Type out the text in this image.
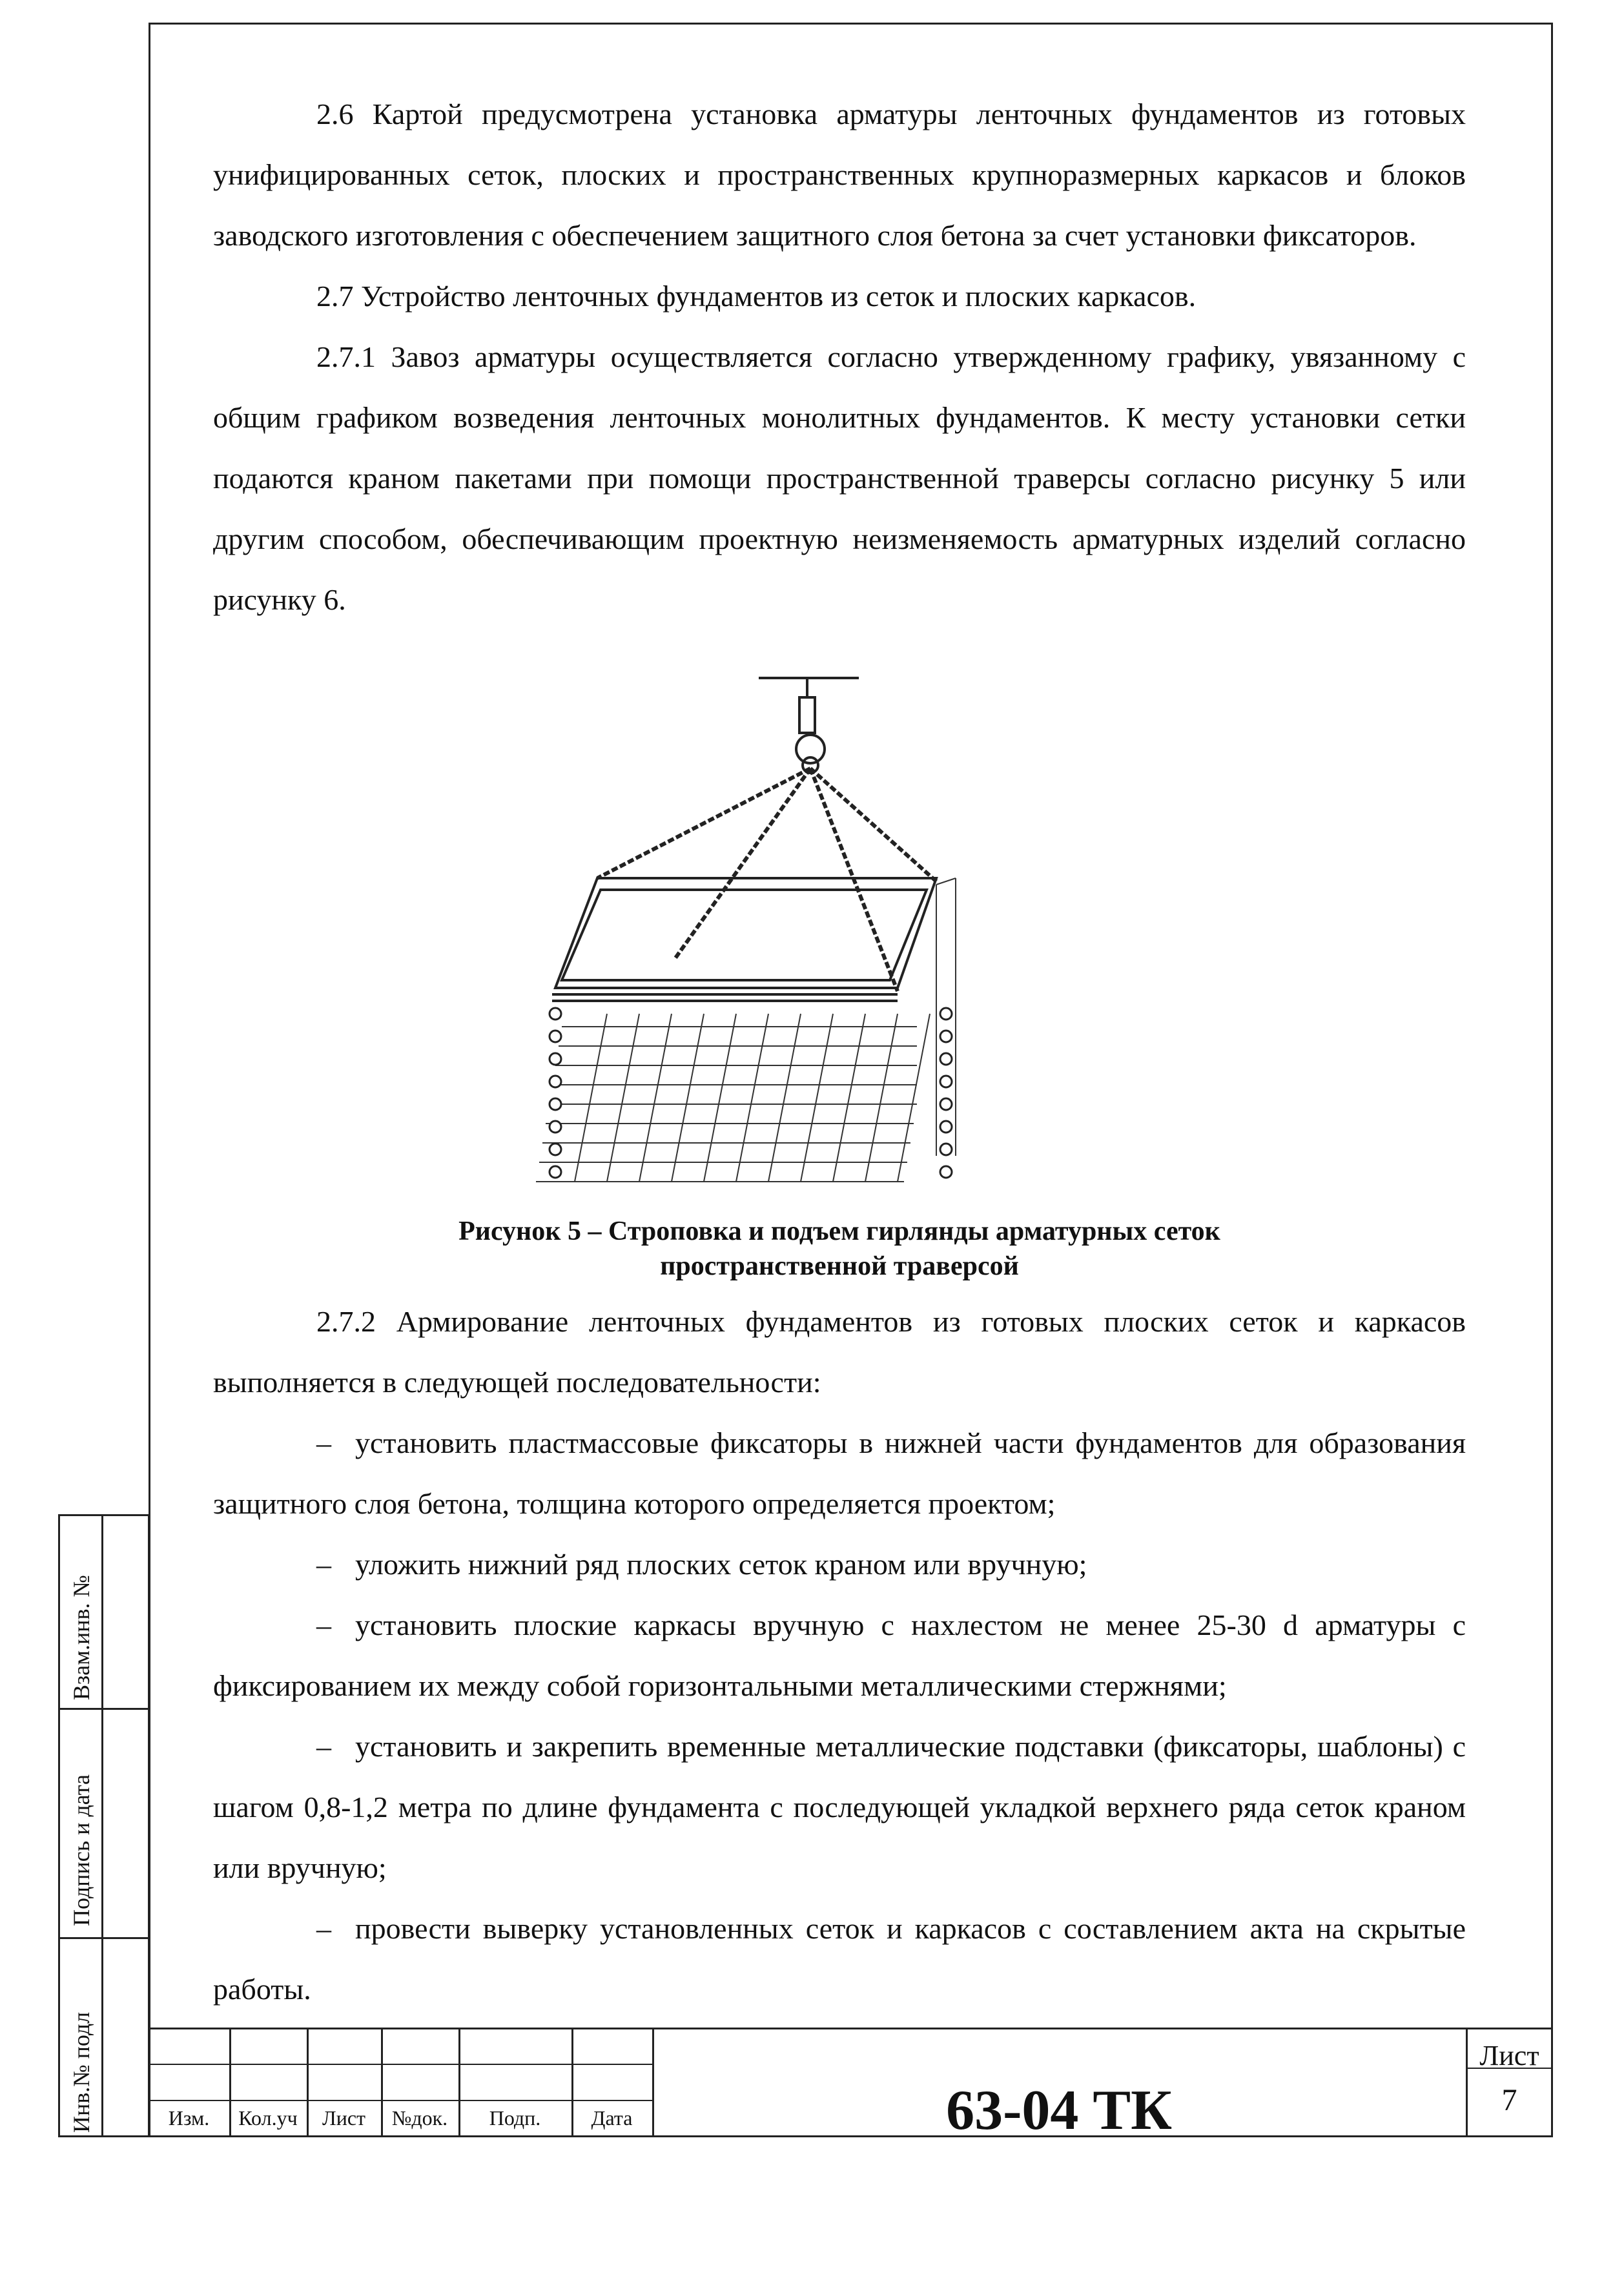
2.6 Картой предусмотрена установка арматуры ленточных фундаментов из готовых унифицированных сеток, плоских и пространственных крупноразмерных каркасов и блоков заводского изготовления с обеспечением защитного слоя бетона за счет установки фиксаторов.

2.7 Устройство ленточных фундаментов из сеток и плоских каркасов.

2.7.1 Завоз арматуры осуществляется согласно утвержденному графику, увязанному с общим графиком возведения ленточных монолитных фундаментов. К месту установки сетки подаются краном пакетами при помощи пространственной траверсы согласно рисунку 5 или другим способом, обеспечивающим проектную неизменяемость арматурных изделий согласно рисунку 6.

Рисунок 5 – Строповка и подъем гирлянды арматурных сеток
пространственной траверсой

2.7.2 Армирование ленточных фундаментов из готовых плоских сеток и каркасов выполняется в следующей последовательности:

– установить пластмассовые фиксаторы в нижней части фундаментов для образования защитного слоя бетона, толщина которого определяется проектом;

– уложить нижний ряд плоских сеток краном или вручную;

– установить плоские каркасы вручную с нахлестом не менее 25-30 d арматуры с фиксированием их между собой горизонтальными металлическими стержнями;

– установить и закрепить временные металлические подставки (фиксаторы, шаблоны) с шагом 0,8-1,2 метра по длине фундамента с последующей укладкой верхнего ряда сеток краном или вручную;

– провести выверку установленных сеток и каркасов с составлением акта на скрытые работы.

Инв.№ подл
Подпись и дата
Взам.инв. №
Изм.	Кол.уч	Лист	№док.	Подп.	Дата	63-04 ТК
Лист
7
